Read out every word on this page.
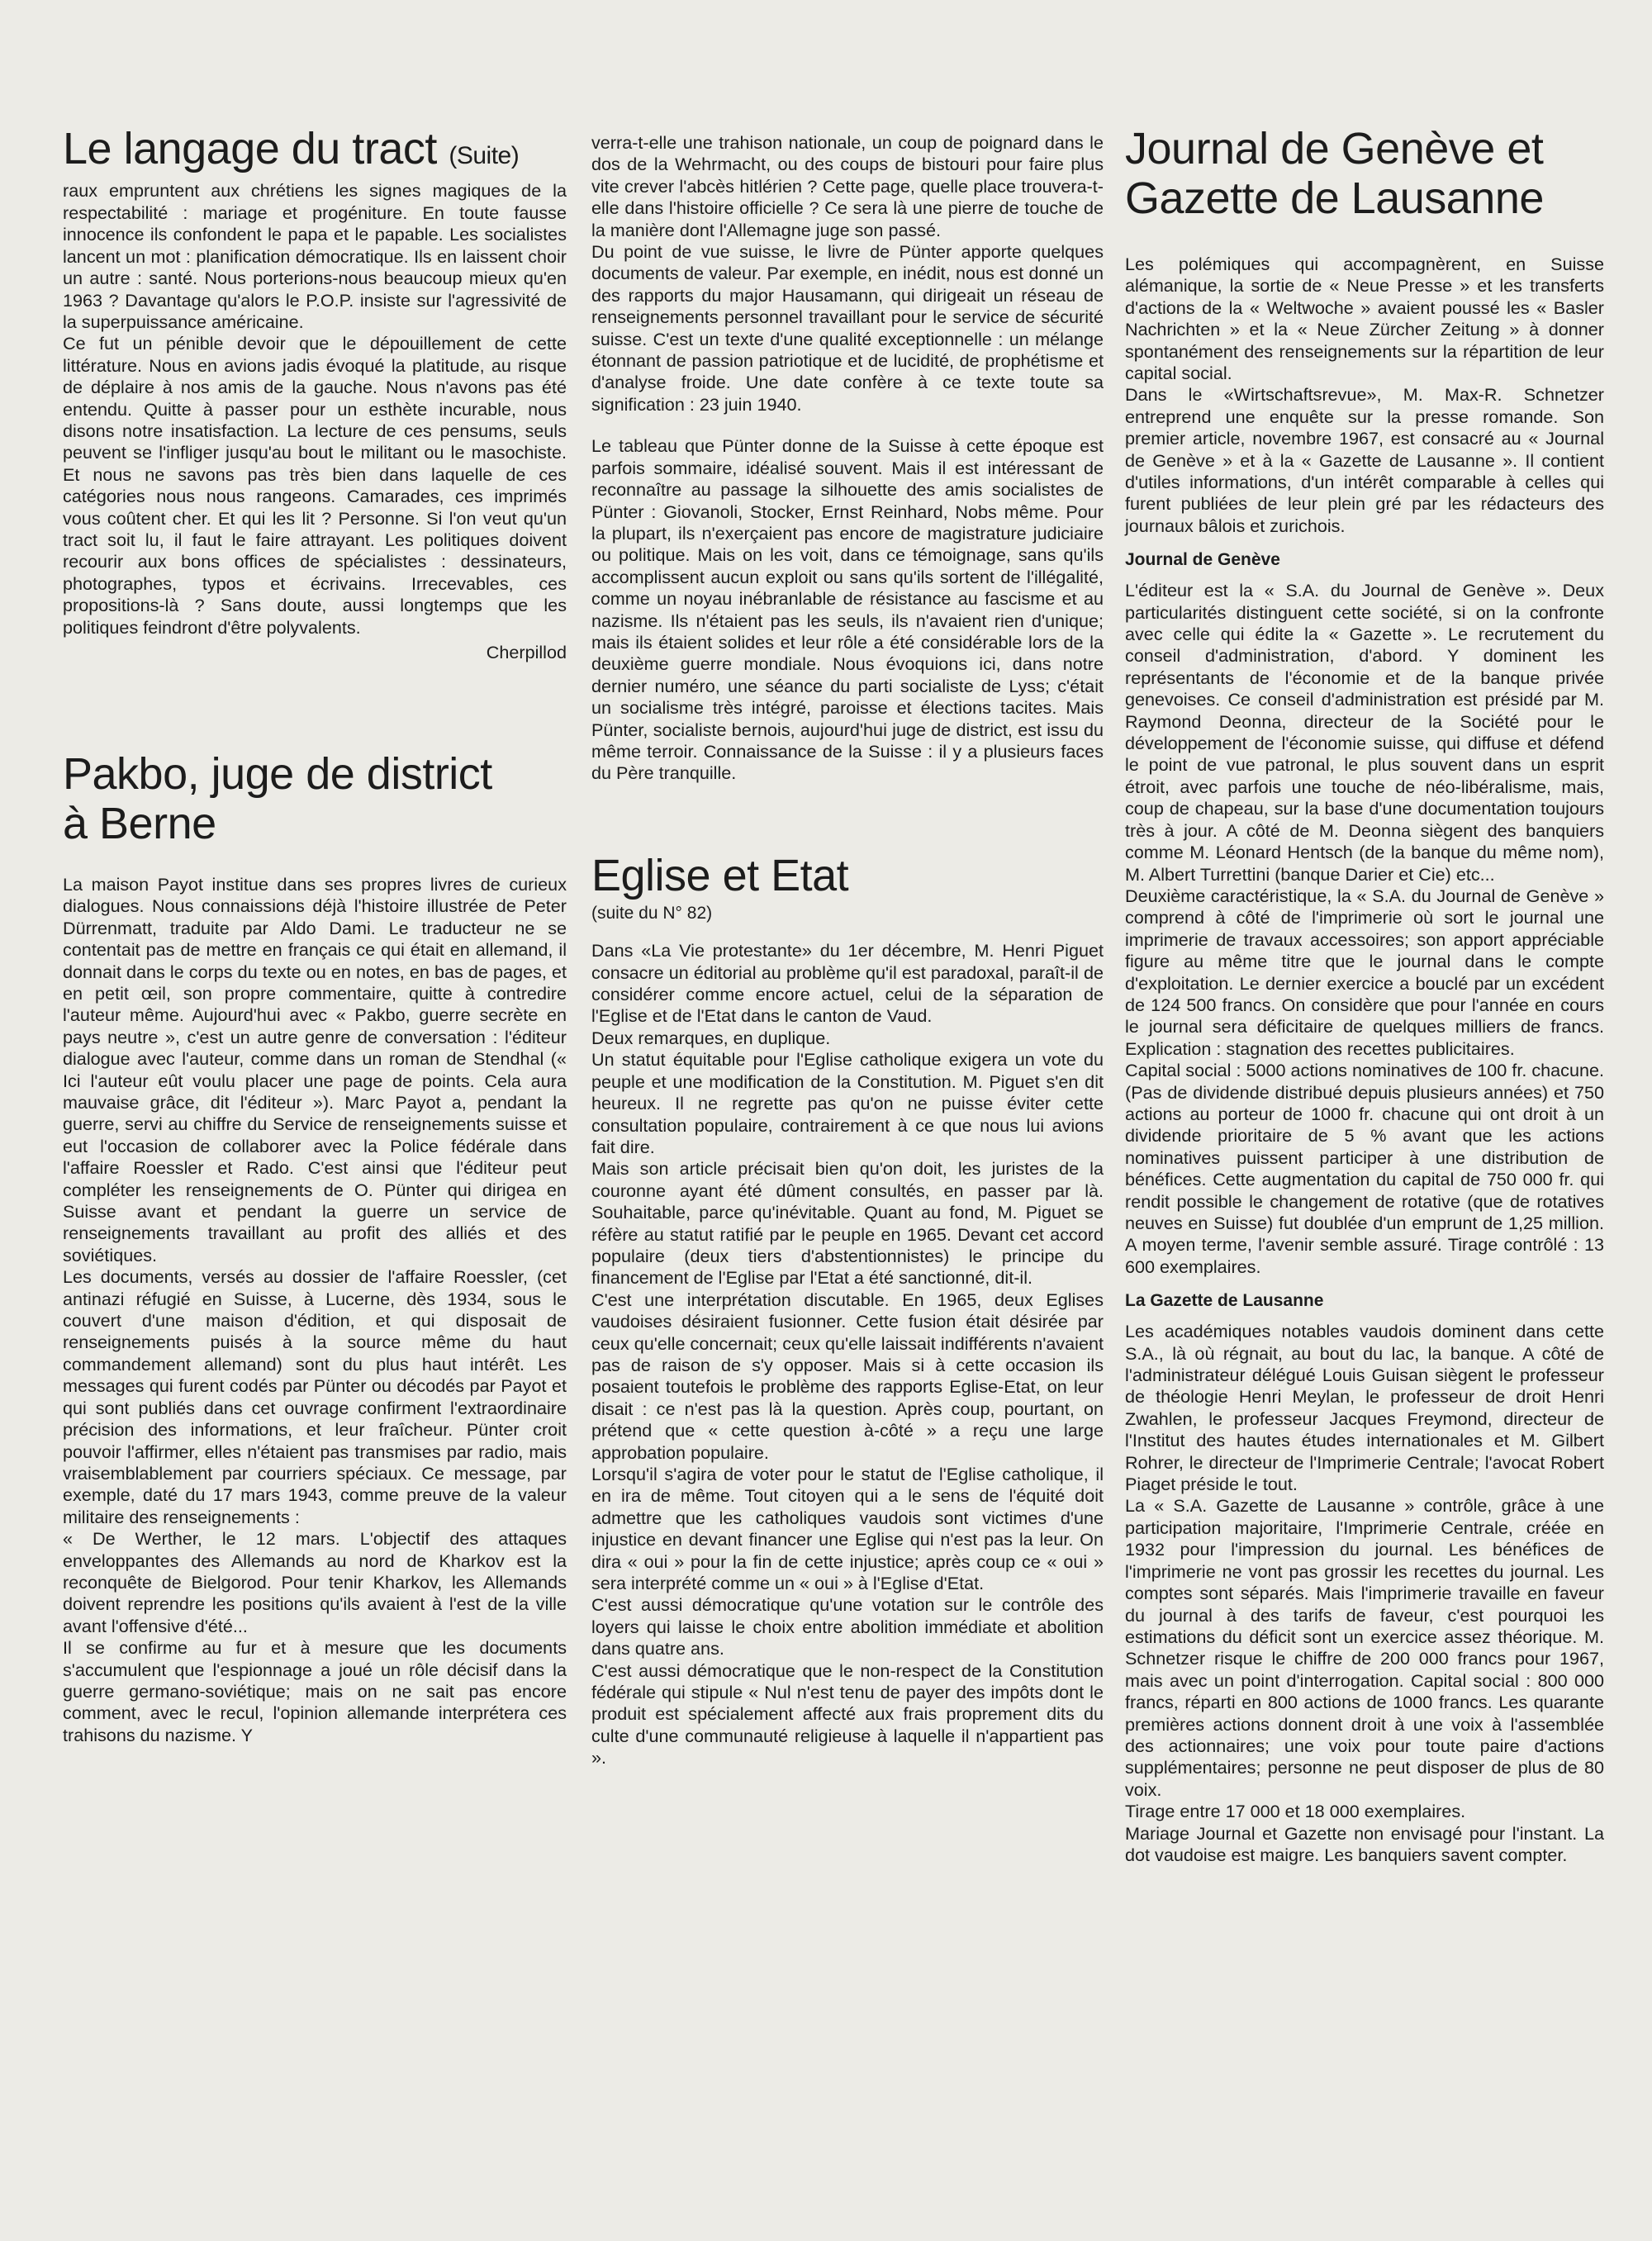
Le langage du tract (Suite)

raux empruntent aux chrétiens les signes magiques de la respectabilité : mariage et progéniture. En toute fausse innocence ils confondent le papa et le papable. Les socialistes lancent un mot : planification démocratique. Ils en laissent choir un autre : santé. Nous porterions-nous beaucoup mieux qu'en 1963 ? Davantage qu'alors le P.O.P. insiste sur l'agressivité de la superpuissance américaine.

Ce fut un pénible devoir que le dépouillement de cette littérature. Nous en avions jadis évoqué la platitude, au risque de déplaire à nos amis de la gauche. Nous n'avons pas été entendu. Quitte à passer pour un esthète incurable, nous disons notre insatisfaction. La lecture de ces pensums, seuls peuvent se l'infliger jusqu'au bout le militant ou le masochiste. Et nous ne savons pas très bien dans laquelle de ces catégories nous nous rangeons. Camarades, ces imprimés vous coûtent cher. Et qui les lit ? Personne. Si l'on veut qu'un tract soit lu, il faut le faire attrayant. Les politiques doivent recourir aux bons offices de spécialistes : dessinateurs, photographes, typos et écrivains. Irrecevables, ces propositions-là ? Sans doute, aussi longtemps que les politiques feindront d'être polyvalents.

Cherpillod
Pakbo, juge de district
à Berne

La maison Payot institue dans ses propres livres de curieux dialogues. Nous connaissions déjà l'histoire illustrée de Peter Dürrenmatt, traduite par Aldo Dami. Le traducteur ne se contentait pas de mettre en français ce qui était en allemand, il donnait dans le corps du texte ou en notes, en bas de pages, et en petit œil, son propre commentaire, quitte à contredire l'auteur même. Aujourd'hui avec « Pakbo, guerre secrète en pays neutre », c'est un autre genre de conversation : l'éditeur dialogue avec l'auteur, comme dans un roman de Stendhal (« Ici l'auteur eût voulu placer une page de points. Cela aura mauvaise grâce, dit l'éditeur »). Marc Payot a, pendant la guerre, servi au chiffre du Service de renseignements suisse et eut l'occasion de collaborer avec la Police fédérale dans l'affaire Roessler et Rado. C'est ainsi que l'éditeur peut compléter les renseignements de O. Pünter qui dirigea en Suisse avant et pendant la guerre un service de renseignements travaillant au profit des alliés et des soviétiques.

Les documents, versés au dossier de l'affaire Roessler, (cet antinazi réfugié en Suisse, à Lucerne, dès 1934, sous le couvert d'une maison d'édition, et qui disposait de renseignements puisés à la source même du haut commandement allemand) sont du plus haut intérêt. Les messages qui furent codés par Pünter ou décodés par Payot et qui sont publiés dans cet ouvrage confirment l'extraordinaire précision des informations, et leur fraîcheur. Pünter croit pouvoir l'affirmer, elles n'étaient pas transmises par radio, mais vraisemblablement par courriers spéciaux. Ce message, par exemple, daté du 17 mars 1943, comme preuve de la valeur militaire des renseignements :

« De Werther, le 12 mars. L'objectif des attaques enveloppantes des Allemands au nord de Kharkov est la reconquête de Bielgorod. Pour tenir Kharkov, les Allemands doivent reprendre les positions qu'ils avaient à l'est de la ville avant l'offensive d'été...

Il se confirme au fur et à mesure que les documents s'accumulent que l'espionnage a joué un rôle décisif dans la guerre germano-soviétique; mais on ne sait pas encore comment, avec le recul, l'opinion allemande interprétera ces trahisons du nazisme. Y

verra-t-elle une trahison nationale, un coup de poignard dans le dos de la Wehrmacht, ou des coups de bistouri pour faire plus vite crever l'abcès hitlérien ? Cette page, quelle place trouvera-t-elle dans l'histoire officielle ? Ce sera là une pierre de touche de la manière dont l'Allemagne juge son passé.

Du point de vue suisse, le livre de Pünter apporte quelques documents de valeur. Par exemple, en inédit, nous est donné un des rapports du major Hausamann, qui dirigeait un réseau de renseignements personnel travaillant pour le service de sécurité suisse. C'est un texte d'une qualité exceptionnelle : un mélange étonnant de passion patriotique et de lucidité, de prophétisme et d'analyse froide. Une date confère à ce texte toute sa signification : 23 juin 1940.

Le tableau que Pünter donne de la Suisse à cette époque est parfois sommaire, idéalisé souvent. Mais il est intéressant de reconnaître au passage la silhouette des amis socialistes de Pünter : Giovanoli, Stocker, Ernst Reinhard, Nobs même. Pour la plupart, ils n'exerçaient pas encore de magistrature judiciaire ou politique. Mais on les voit, dans ce témoignage, sans qu'ils accomplissent aucun exploit ou sans qu'ils sortent de l'illégalité, comme un noyau inébranlable de résistance au fascisme et au nazisme. Ils n'étaient pas les seuls, ils n'avaient rien d'unique; mais ils étaient solides et leur rôle a été considérable lors de la deuxième guerre mondiale. Nous évoquions ici, dans notre dernier numéro, une séance du parti socialiste de Lyss; c'était un socialisme très intégré, paroisse et élections tacites. Mais Pünter, socialiste bernois, aujourd'hui juge de district, est issu du même terroir. Connaissance de la Suisse : il y a plusieurs faces du Père tranquille.

Eglise et Etat
(suite du N° 82)

Dans «La Vie protestante» du 1er décembre, M. Henri Piguet consacre un éditorial au problème qu'il est paradoxal, paraît-il de considérer comme encore actuel, celui de la séparation de l'Eglise et de l'Etat dans le canton de Vaud.

Deux remarques, en duplique.

Un statut équitable pour l'Eglise catholique exigera un vote du peuple et une modification de la Constitution. M. Piguet s'en dit heureux. Il ne regrette pas qu'on ne puisse éviter cette consultation populaire, contrairement à ce que nous lui avions fait dire.

Mais son article précisait bien qu'on doit, les juristes de la couronne ayant été dûment consultés, en passer par là. Souhaitable, parce qu'inévitable. Quant au fond, M. Piguet se réfère au statut ratifié par le peuple en 1965. Devant cet accord populaire (deux tiers d'abstentionnistes) le principe du financement de l'Eglise par l'Etat a été sanctionné, dit-il.

C'est une interprétation discutable. En 1965, deux Eglises vaudoises désiraient fusionner. Cette fusion était désirée par ceux qu'elle concernait; ceux qu'elle laissait indifférents n'avaient pas de raison de s'y opposer. Mais si à cette occasion ils posaient toutefois le problème des rapports Eglise-Etat, on leur disait : ce n'est pas là la question. Après coup, pourtant, on prétend que « cette question à-côté » a reçu une large approbation populaire.

Lorsqu'il s'agira de voter pour le statut de l'Eglise catholique, il en ira de même. Tout citoyen qui a le sens de l'équité doit admettre que les catholiques vaudois sont victimes d'une injustice en devant financer une Eglise qui n'est pas la leur. On dira « oui » pour la fin de cette injustice; après coup ce « oui » sera interprété comme un « oui » à l'Eglise d'Etat.

C'est aussi démocratique qu'une votation sur le contrôle des loyers qui laisse le choix entre abolition immédiate et abolition dans quatre ans.

C'est aussi démocratique que le non-respect de la Constitution fédérale qui stipule « Nul n'est tenu de payer des impôts dont le produit est spécialement affecté aux frais proprement dits du culte d'une communauté religieuse à laquelle il n'appartient pas ».

Journal de Genève et
Gazette de Lausanne

Les polémiques qui accompagnèrent, en Suisse alémanique, la sortie de « Neue Presse » et les transferts d'actions de la « Weltwoche » avaient poussé les « Basler Nachrichten » et la « Neue Zürcher Zeitung » à donner spontanément des renseignements sur la répartition de leur capital social.

Dans le «Wirtschaftsrevue», M. Max-R. Schnetzer entreprend une enquête sur la presse romande. Son premier article, novembre 1967, est consacré au « Journal de Genève » et à la « Gazette de Lausanne ». Il contient d'utiles informations, d'un intérêt comparable à celles qui furent publiées de leur plein gré par les rédacteurs des journaux bâlois et zurichois.

Journal de Genève

L'éditeur est la « S.A. du Journal de Genève ». Deux particularités distinguent cette société, si on la confronte avec celle qui édite la « Gazette ». Le recrutement du conseil d'administration, d'abord. Y dominent les représentants de l'économie et de la banque privée genevoises. Ce conseil d'administration est présidé par M. Raymond Deonna, directeur de la Société pour le développement de l'économie suisse, qui diffuse et défend le point de vue patronal, le plus souvent dans un esprit étroit, avec parfois une touche de néo-libéralisme, mais, coup de chapeau, sur la base d'une documentation toujours très à jour. A côté de M. Deonna siègent des banquiers comme M. Léonard Hentsch (de la banque du même nom), M. Albert Turrettini (banque Darier et Cie) etc...

Deuxième caractéristique, la « S.A. du Journal de Genève » comprend à côté de l'imprimerie où sort le journal une imprimerie de travaux accessoires; son apport appréciable figure au même titre que le journal dans le compte d'exploitation. Le dernier exercice a bouclé par un excédent de 124 500 francs. On considère que pour l'année en cours le journal sera déficitaire de quelques milliers de francs. Explication : stagnation des recettes publicitaires.

Capital social : 5000 actions nominatives de 100 fr. chacune. (Pas de dividende distribué depuis plusieurs années) et 750 actions au porteur de 1000 fr. chacune qui ont droit à un dividende prioritaire de 5 % avant que les actions nominatives puissent participer à une distribution de bénéfices. Cette augmentation du capital de 750 000 fr. qui rendit possible le changement de rotative (que de rotatives neuves en Suisse) fut doublée d'un emprunt de 1,25 million. A moyen terme, l'avenir semble assuré. Tirage contrôlé : 13 600 exemplaires.

La Gazette de Lausanne

Les académiques notables vaudois dominent dans cette S.A., là où régnait, au bout du lac, la banque. A côté de l'administrateur délégué Louis Guisan siègent le professeur de théologie Henri Meylan, le professeur de droit Henri Zwahlen, le professeur Jacques Freymond, directeur de l'Institut des hautes études internationales et M. Gilbert Rohrer, le directeur de l'Imprimerie Centrale; l'avocat Robert Piaget préside le tout.

La « S.A. Gazette de Lausanne » contrôle, grâce à une participation majoritaire, l'Imprimerie Centrale, créée en 1932 pour l'impression du journal. Les bénéfices de l'imprimerie ne vont pas grossir les recettes du journal. Les comptes sont séparés. Mais l'imprimerie travaille en faveur du journal à des tarifs de faveur, c'est pourquoi les estimations du déficit sont un exercice assez théorique. M. Schnetzer risque le chiffre de 200 000 francs pour 1967, mais avec un point d'interrogation. Capital social : 800 000 francs, réparti en 800 actions de 1000 francs. Les quarante premières actions donnent droit à une voix à l'assemblée des actionnaires; une voix pour toute paire d'actions supplémentaires; personne ne peut disposer de plus de 80 voix.

Tirage entre 17 000 et 18 000 exemplaires.

Mariage Journal et Gazette non envisagé pour l'instant. La dot vaudoise est maigre. Les banquiers savent compter.
